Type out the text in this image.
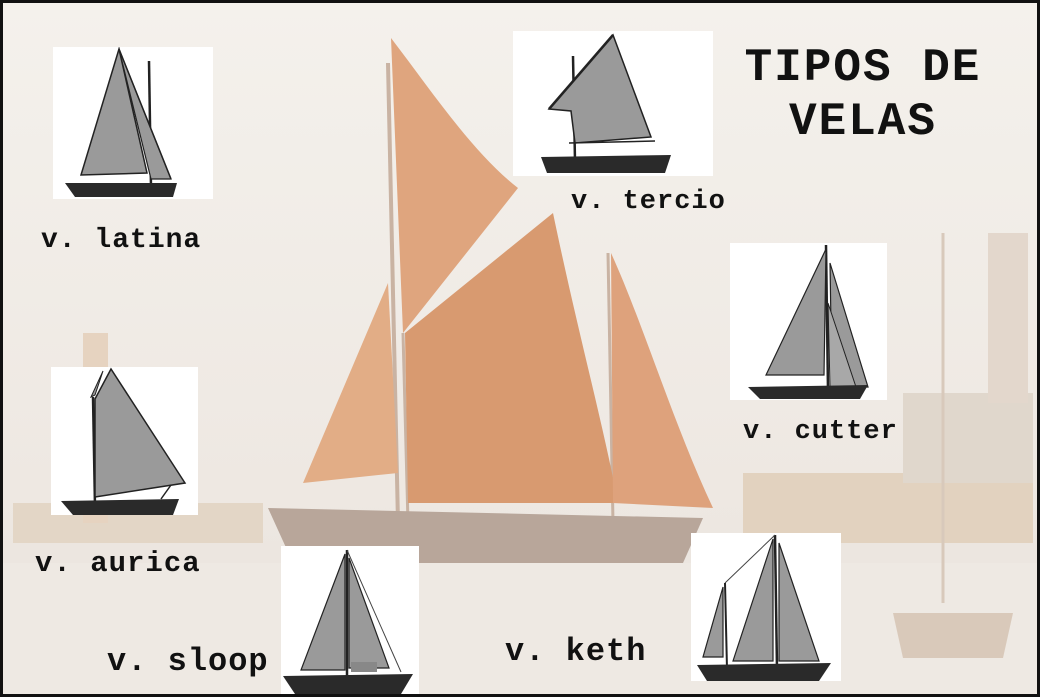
TIPOS DE
VELAS
v. latina
v. tercio
v. cutter
v. aurica
v. sloop	v. keth
